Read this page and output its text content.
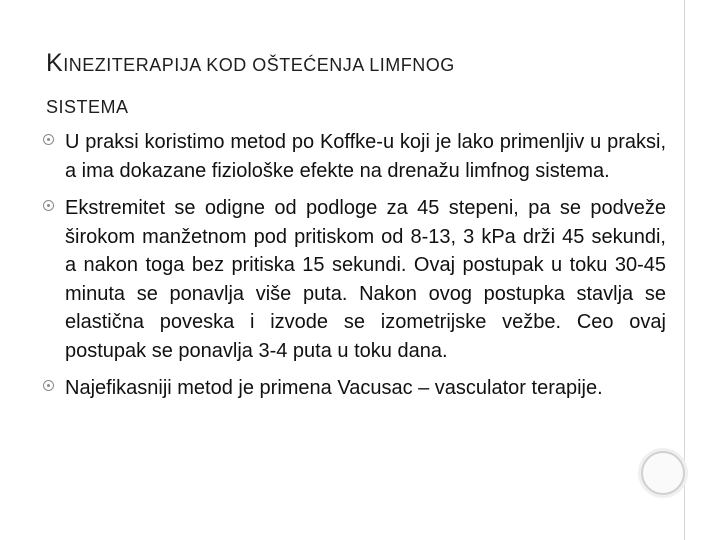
KINEZITERAPIJA KOD OŠTEĆENJA LIMFNOG
SISTEMA
U praksi koristimo metod po Koffke-u koji je lako primenljiv u praksi, a ima dokazane fiziološke efekte na drenažu limfnog sistema.
Ekstremitet se odigne od podloge za 45 stepeni, pa se podveže širokom manžetnom pod pritiskom od 8-13, 3 kPa drži 45 sekundi, a nakon toga bez pritiska 15 sekundi. Ovaj postupak u toku 30-45 minuta se ponavlja više puta. Nakon ovog postupka stavlja se elastična poveska i izvode se izometrijske vežbe. Ceo ovaj postupak se ponavlja 3-4 puta u toku dana.
Najefikasniji metod je primena Vacusac – vasculator terapije.
